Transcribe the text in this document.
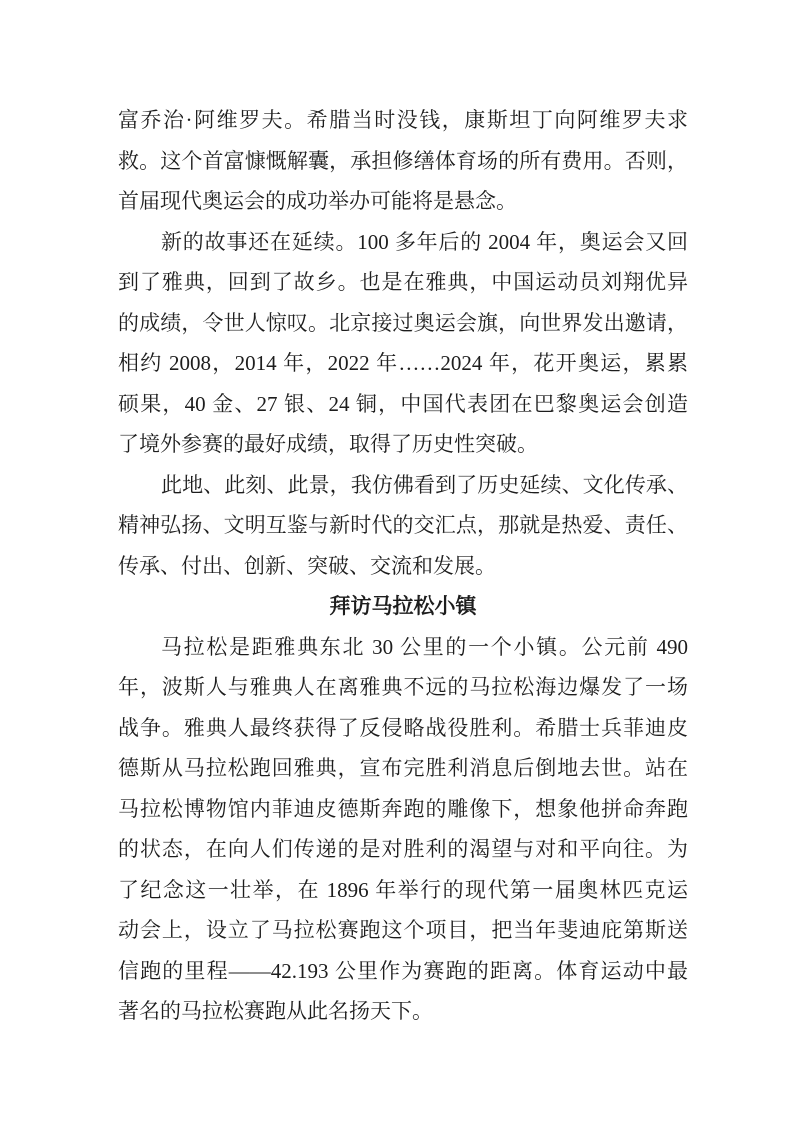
富乔治·阿维罗夫。希腊当时没钱，康斯坦丁向阿维罗夫求
救。这个首富慷慨解囊，承担修缮体育场的所有费用。否则，
首届现代奥运会的成功举办可能将是悬念。
新的故事还在延续。100 多年后的 2004 年，奥运会又回
到了雅典，回到了故乡。也是在雅典，中国运动员刘翔优异
的成绩，令世人惊叹。北京接过奥运会旗，向世界发出邀请，
相约 2008，2014 年，2022 年……2024 年，花开奥运，累累
硕果，40 金、27 银、24 铜，中国代表团在巴黎奥运会创造
了境外参赛的最好成绩，取得了历史性突破。
此地、此刻、此景，我仿佛看到了历史延续、文化传承、
精神弘扬、文明互鉴与新时代的交汇点，那就是热爱、责任、
传承、付出、创新、突破、交流和发展。
拜访马拉松小镇
马拉松是距雅典东北 30 公里的一个小镇。公元前 490
年，波斯人与雅典人在离雅典不远的马拉松海边爆发了一场
战争。雅典人最终获得了反侵略战役胜利。希腊士兵菲迪皮
德斯从马拉松跑回雅典，宣布完胜利消息后倒地去世。站在
马拉松博物馆内菲迪皮德斯奔跑的雕像下，想象他拼命奔跑
的状态，在向人们传递的是对胜利的渴望与对和平向往。为
了纪念这一壮举，在 1896 年举行的现代第一届奥林匹克运
动会上，设立了马拉松赛跑这个项目，把当年斐迪庇第斯送
信跑的里程——42.193 公里作为赛跑的距离。体育运动中最
著名的马拉松赛跑从此名扬天下。
